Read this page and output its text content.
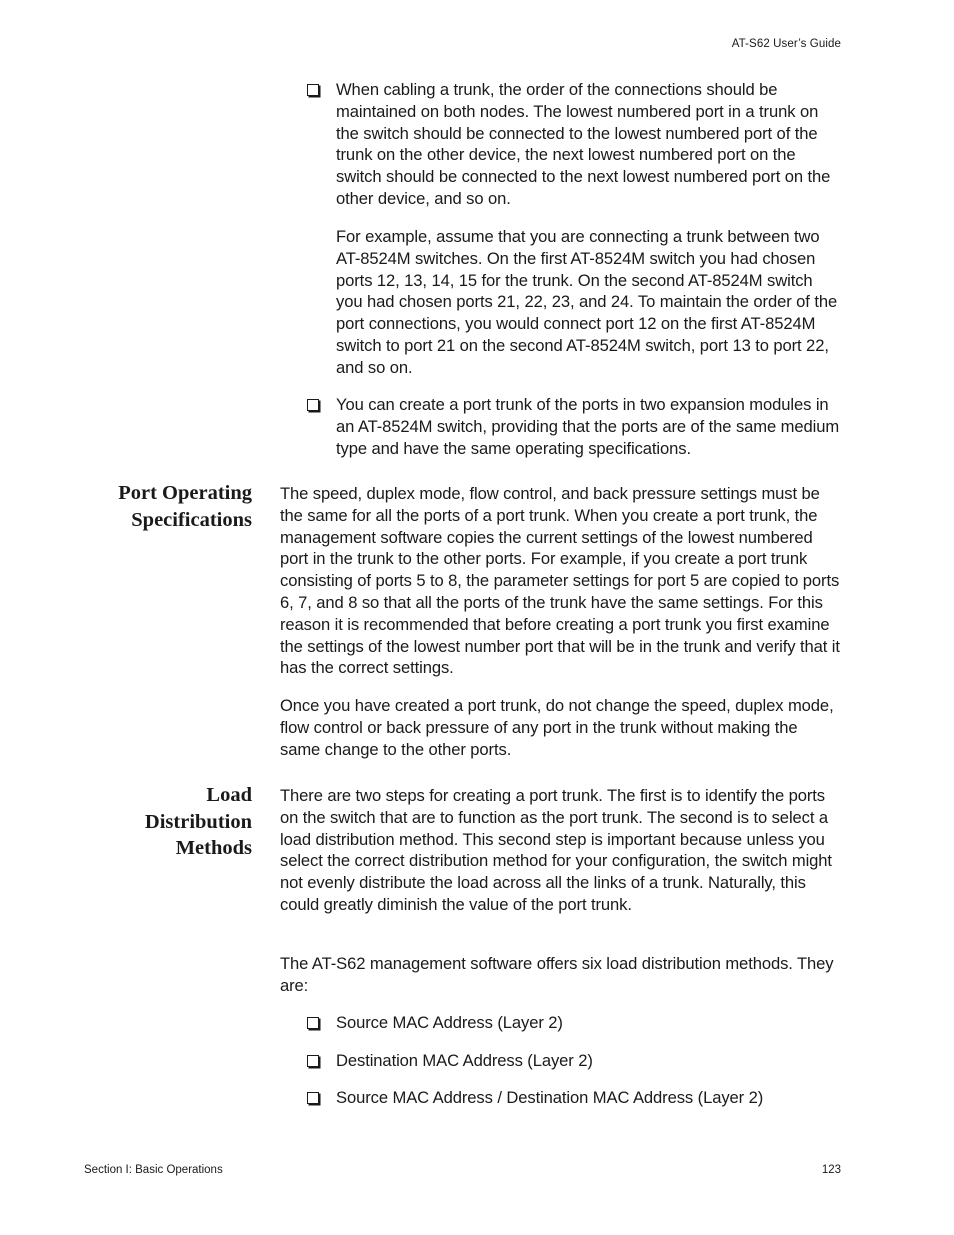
AT-S62 User’s Guide
When cabling a trunk, the order of the connections should be maintained on both nodes. The lowest numbered port in a trunk on the switch should be connected to the lowest numbered port of the trunk on the other device, the next lowest numbered port on the switch should be connected to the next lowest numbered port on the other device, and so on.
For example, assume that you are connecting a trunk between two AT-8524M switches. On the first AT-8524M switch you had chosen ports 12, 13, 14, 15 for the trunk. On the second AT-8524M switch you had chosen ports 21, 22, 23, and 24. To maintain the order of the port connections, you would connect port 12 on the first AT-8524M switch to port 21 on the second AT-8524M switch, port 13 to port 22, and so on.
You can create a port trunk of the ports in two expansion modules in an AT-8524M switch, providing that the ports are of the same medium type and have the same operating specifications.
Port Operating
Specifications
The speed, duplex mode, flow control, and back pressure settings must be the same for all the ports of a port trunk. When you create a port trunk, the management software copies the current settings of the lowest numbered port in the trunk to the other ports. For example, if you create a port trunk consisting of ports 5 to 8, the parameter settings for port 5 are copied to ports 6, 7, and 8 so that all the ports of the trunk have the same settings. For this reason it is recommended that before creating a port trunk you first examine the settings of the lowest number port that will be in the trunk and verify that it has the correct settings.
Once you have created a port trunk, do not change the speed, duplex mode, flow control or back pressure of any port in the trunk without making the same change to the other ports.
Load
Distribution
Methods
There are two steps for creating a port trunk. The first is to identify the ports on the switch that are to function as the port trunk. The second is to select a load distribution method. This second step is important because unless you select the correct distribution method for your configuration, the switch might not evenly distribute the load across all the links of a trunk. Naturally, this could greatly diminish the value of the port trunk.
The AT-S62 management software offers six load distribution methods. They are:
Source MAC Address (Layer 2)
Destination MAC Address (Layer 2)
Source MAC Address / Destination MAC Address (Layer 2)
Section I: Basic Operations	123
